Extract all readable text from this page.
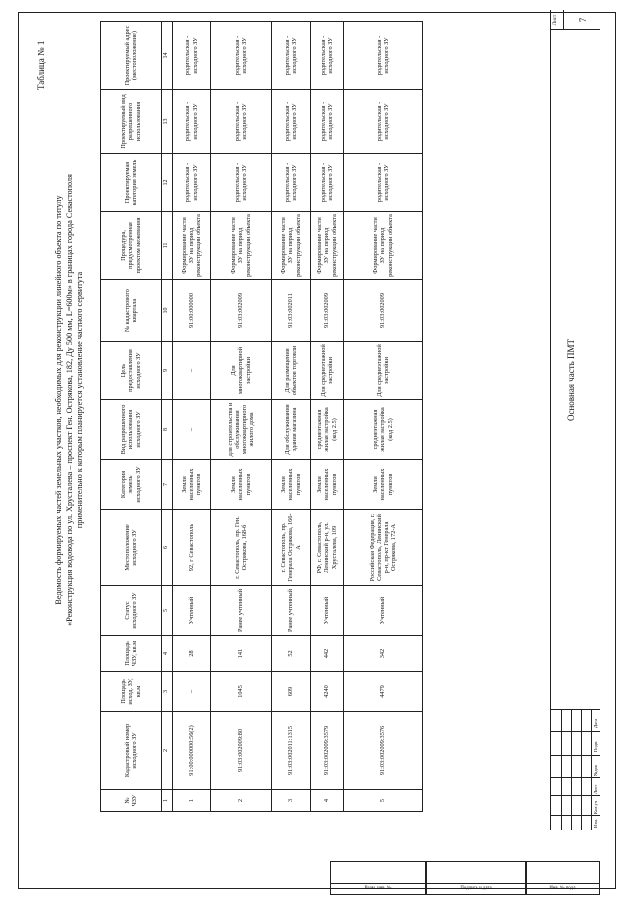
Таблица № 1
Ведомость формируемых частей земельных участков, необходимых для реконструкции линейного объекта по титулу «Реконструкция водовода по ул. Хрусталева – проспект Ген. Острякова, 182, Ду 500 мм, L=600м» в границах города Севастополя применительно к которым планируется установление частного сервитута
№ ЧЗУ	Кадастровый номер исходного ЗУ	Площадь исход. ЗУ, кв.м	Площадь ЧЗУ, кв.м	Статус исходного ЗУ	Местоположение исходного ЗУ	Категория земель исходного ЗУ	Вид разрешенного использования исходного ЗУ	Цель предоставления исходного ЗУ	№ кадастрового квартала	Процедура, предусмотренная проектом межевания	Проектируемая категория земель	Проектируемый вид разрешенного использования	Проектируемый адрес (местоположение)
1	2	3	4	5	6	7	8	9	10	11	12	13	14
1	91:00:000000:56(2)	–	28	Учтенный	92, г Севастополь	Земли населенных пунктов	–	–	91:00:000000	Формирование части ЗУ на период реконструкции объекта	родительская - исходного ЗУ	родительская - исходного ЗУ	родительская - исходного ЗУ
2	91:03:002009:80	1045	141	Ранее учтенный	г. Севастополь, пр. Ген. Острякова, 168-б	Земли населенных пунктов	для строительства и обслуживания многоквартирного жилого дома	Для многоквартирной застройки	91:03:002009	Формирование части ЗУ на период реконструкции объекта	родительская - исходного ЗУ	родительская - исходного ЗУ	родительская - исходного ЗУ
3	91:03:002011:1315	609	52	Ранее учтенный	г. Севастополь, пр. Генерала Острякова, 166-А	Земли населенных пунктов	Для обслуживания здания магазина	Для размещения объектов торговли	91:03:002011	Формирование части ЗУ на период реконструкции объекта	родительская - исходного ЗУ	родительская - исходного ЗУ	родительская - исходного ЗУ
4	91:03:002009:3579	4240	442	Учтенный	РФ, г. Севастополь, Ленинский р-н, ул. Хрусталева, 109	Земли населенных пунктов	среднеэтажная жилая застройка (код 2.5)	Для среднеэтажной застройки	91:03:002009	Формирование части ЗУ на период реконструкции объекта	родительская - исходного ЗУ	родительская - исходного ЗУ	родительская - исходного ЗУ
5	91:03:002009:3576	4479	342	Учтенный	Российская Федерация, г. Севастополь, Ленинский р-н, пр-кт Генерала Острякова, 172-А	Земли населенных пунктов	среднеэтажная жилая застройка (код 2.5)	Для среднеэтажной застройки	91:03:002009	Формирование части ЗУ на период реконструкции объекта	родительская - исходного ЗУ	родительская - исходного ЗУ	родительская - исходного ЗУ
Изм.
Кол.уч
Лист
№док
Подп.
Дата
Основная часть ПМТ
Лист 7
Взам. инв. №	Подпись и дата	Инв. № подл.
